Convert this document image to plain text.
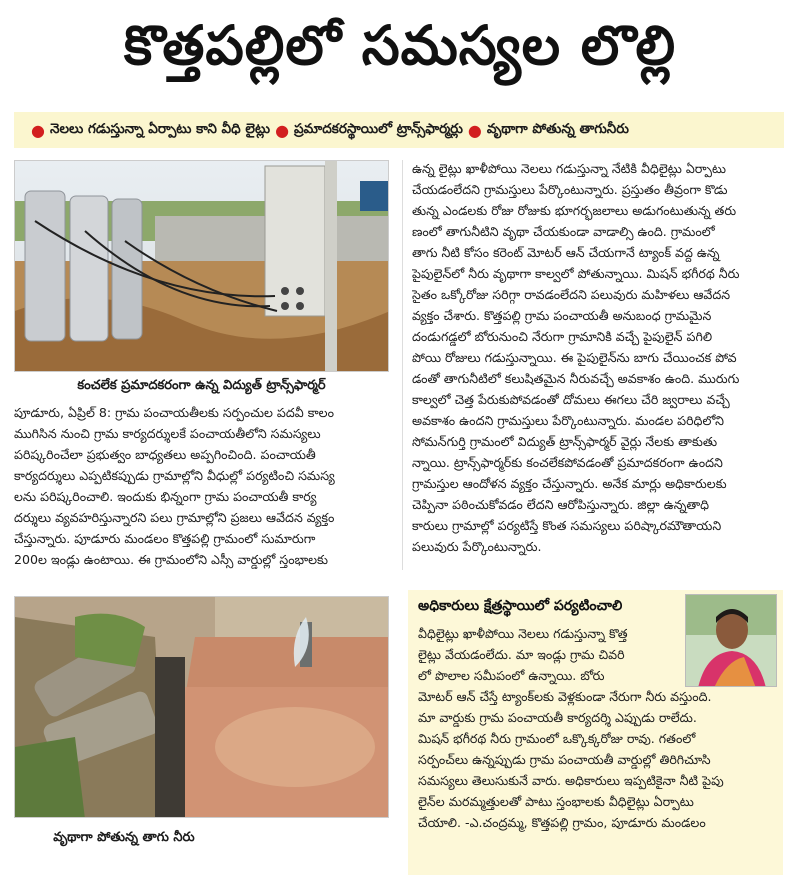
కొత్తపల్లిలో సమస్యల లొల్లి
● నెలలు గడుస్తున్నా ఏర్పాటు కాని వీధి లైట్లు ● ప్రమాదకరస్థాయిలో ట్రాన్స్‌ఫార్మర్లు ● వృథాగా పోతున్న తాగునీరు
కంచలేక ప్రమాదకరంగా ఉన్న విద్యుత్ ట్రాన్స్‌ఫార్మర్
పూడూరు, ఏప్రిల్ 8: గ్రామ పంచాయతీలకు సర్పంచుల పదవీ కాలం
ముగిసిన నుంచి గ్రామ కార్యదర్శులకే పంచాయతీలోని సమస్యలు
పరిష్కరించేలా ప్రభుత్వం బాధ్యతలు అప్పగించింది. పంచాయతీ
కార్యదర్శులు ఎప్పటికప్పుడు గ్రామాల్లోని వీధుల్లో పర్యటించి సమస్య
లను పరిష్కరించాలి. ఇందుకు భిన్నంగా గ్రామ పంచాయతీ కార్య
దర్శులు వ్యవహరిస్తున్నారని పలు గ్రామాల్లోని ప్రజలు ఆవేదన వ్యక్తం
చేస్తున్నారు. పూడూరు మండలం కొత్తపల్లి గ్రామంలో సుమారుగా
200ల ఇండ్లు ఉంటాయి. ఈ గ్రామంలోని ఎస్సీ వార్డుల్లో స్తంభాలకు
వృథాగా పోతున్న తాగు నీరు
ఉన్న లైట్లు ఖాళీపోయి నెలలు గడుస్తున్నా నేటికి వీధిలైట్లు ఏర్పాటు
చేయడంలేదని గ్రామస్తులు పేర్కొంటున్నారు. ప్రస్తుతం తీవ్రంగా కొడు
తున్న ఎండలకు రోజు రోజుకు భూగర్భజలాలు అడుగంటుతున్న తరు
ణంలో తాగునీటిని వృథా చేయకుండా వాడాల్సి ఉంది. గ్రామంలో
తాగు నీటి కోసం కరెంట్ మోటర్ ఆన్ చేయగానే ట్యాంక్ వద్ద ఉన్న
పైపులైన్‌లో నీరు వృథాగా కాల్వలో పోతున్నాయి. మిషన్ భగీరథ నీరు
సైతం ఒక్కోరోజు సరిగ్గా రావడంలేదని పలువురు మహిళలు ఆవేదన
వ్యక్తం చేశారు. కొత్తపల్లి గ్రామ పంచాయతీ అనుబంధ గ్రామమైన
దండుగడ్డలో బోరునుంచి నేరుగా గ్రామానికి వచ్చే పైపులైన్ పగిలి
పోయి రోజులు గడుస్తున్నాయి. ఈ పైపులైన్‌ను బాగు చేయించక పోవ
డంతో తాగునీటిలో కలుషితమైన నీరువచ్చే అవకాశం ఉంది. మురుగు
కాల్వలో చెత్త పేరుకుపోవడంతో దోమలు ఈగలు చేరి జ్వరాలు వచ్చే
అవకాశం ఉందని గ్రామస్తులు పేర్కొంటున్నారు. మండల పరిధిలోని
సోమన్‌గుర్తి గ్రామంలో విద్యుత్ ట్రాన్స్‌ఫార్మర్ వైర్లు నేలకు తాకుతు
న్నాయి. ట్రాన్స్‌ఫార్మర్‌కు కంచలేకపోవడంతో ప్రమాదకరంగా ఉందని
గ్రామస్తుల ఆందోళన వ్యక్తం చేస్తున్నారు. అనేక మార్లు అధికారులకు
చెప్పినా పఠించుకోవడం లేదని ఆరోపిస్తున్నారు. జిల్లా ఉన్నతాధి
కారులు గ్రామాల్లో పర్యటిస్తే కొంత సమస్యలు పరిష్కారమౌతాయని
పలువురు పేర్కొంటున్నారు.
అధికారులు క్షేత్రస్థాయిలో పర్యటించాలి
వీధిలైట్లు ఖాళీపోయి నెలలు గడుస్తున్నా కొత్త
లైట్లు వేయడంలేదు. మా ఇండ్లు గ్రామ చివరి
లో పొలాల సమీపంలో ఉన్నాయి. బోరు
మోటర్ ఆన్ చేస్తే ట్యాంక్‌లకు వెళ్లకుండా నేరుగా నీరు వస్తుంది.
మా వార్డుకు గ్రామ పంచాయతీ కార్యదర్శి ఎప్పుడు రాలేదు.
మిషన్ భగీరథ నీరు గ్రామంలో ఒక్కొక్కరోజు రావు. గతంలో
సర్పంచ్‌లు ఉన్నప్పుడు గ్రామ పంచాయతీ వార్డుల్లో తిరిగిచూసి
సమస్యలు తెలుసుకునే వారు. అధికారులు ఇప్పటికైనా నీటి పైపు
లైన్‌ల మరమ్మత్తులతో పాటు స్తంభాలకు వీధిలైట్లు ఏర్పాటు
చేయాలి. -ఎ.చంద్రమ్మ, కొత్తపల్లి గ్రామం, పూడూరు మండలం
